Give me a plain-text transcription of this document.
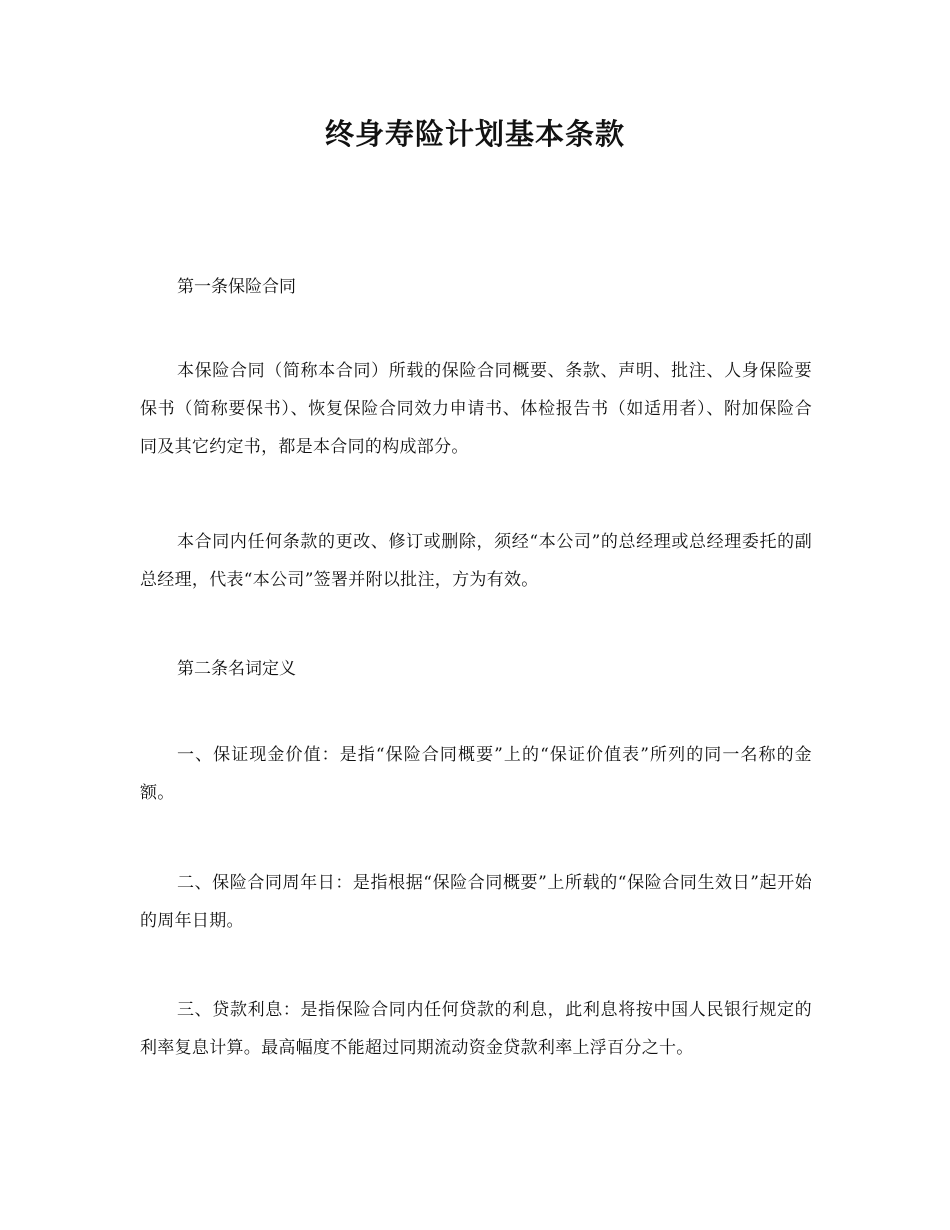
终身寿险计划基本条款

第一条保险合同

本保险合同（简称本合同）所载的保险合同概要、条款、声明、批注、人身保险要保书（简称要保书）、恢复保险合同效力申请书、体检报告书（如适用者）、附加保险合同及其它约定书，都是本合同的构成部分。

本合同内任何条款的更改、修订或删除，须经“本公司”的总经理或总经理委托的副总经理，代表“本公司”签署并附以批注，方为有效。

第二条名词定义

一、保证现金价值：是指“保险合同概要”上的“保证价值表”所列的同一名称的金额。

二、保险合同周年日：是指根据“保险合同概要”上所载的“保险合同生效日”起开始的周年日期。

三、贷款利息：是指保险合同内任何贷款的利息，此利息将按中国人民银行规定的利率复息计算。最高幅度不能超过同期流动资金贷款利率上浮百分之十。
